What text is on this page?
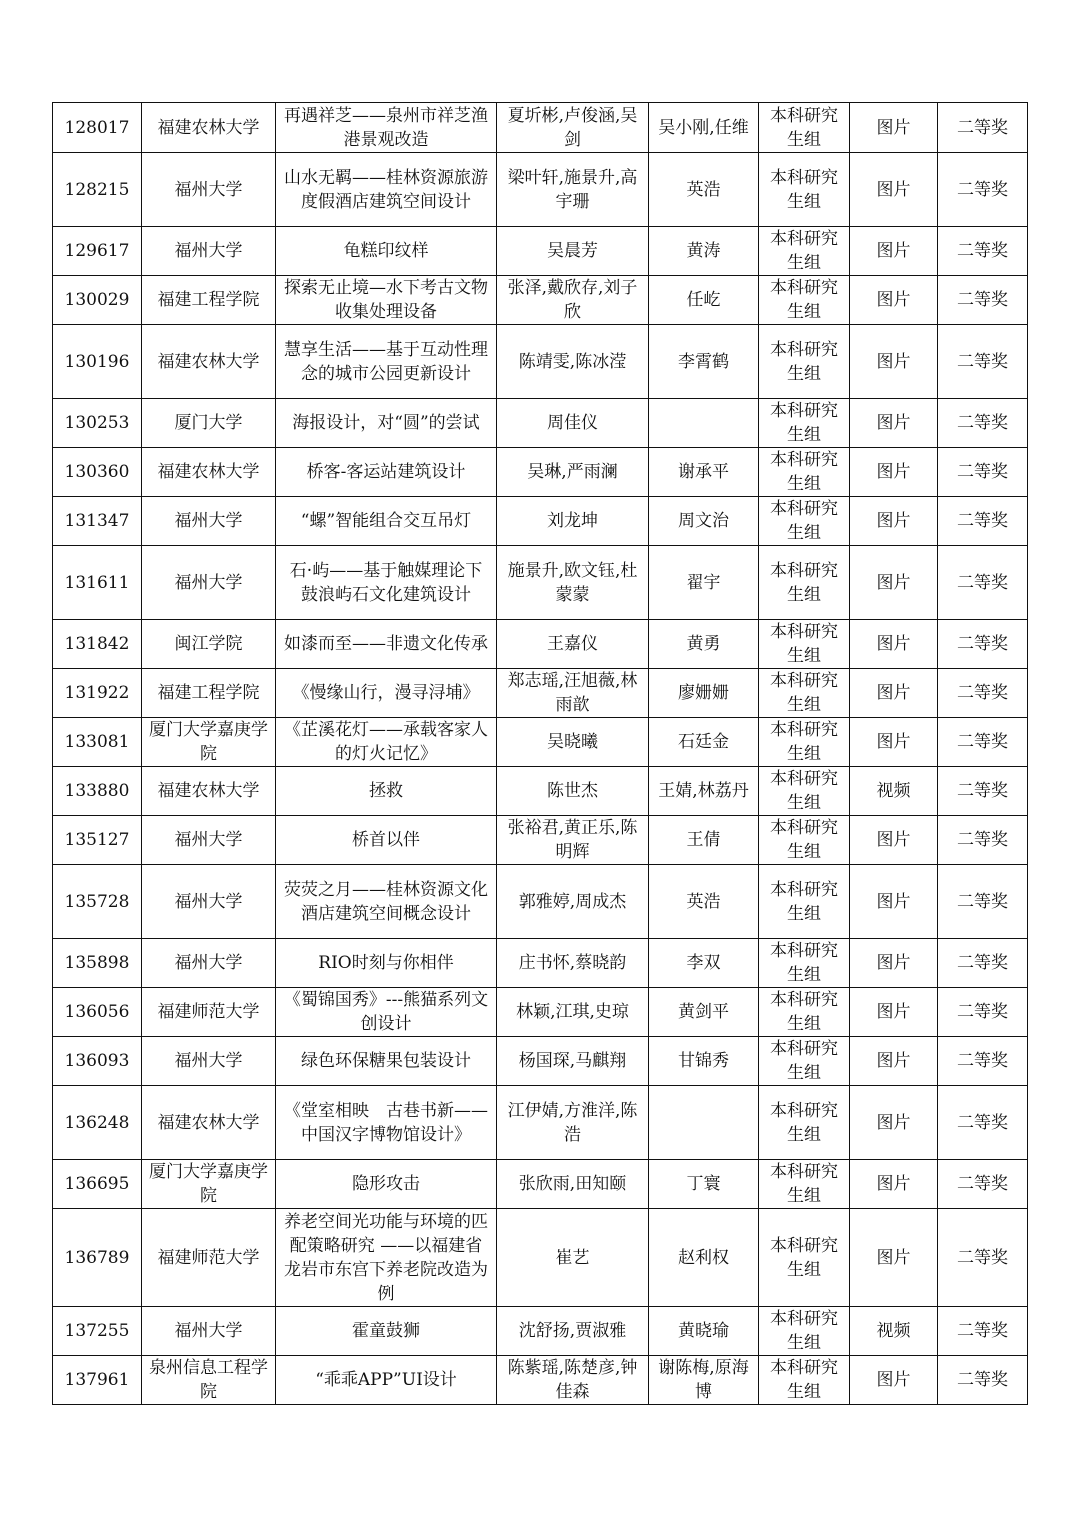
128017	福建农林大学	再遇祥芝——泉州市祥芝渔港景观改造	夏圻彬,卢俊涵,吴剑	吴小刚,任维	本科研究生组	图片	二等奖
128215	福州大学	山水无羁——桂林资源旅游度假酒店建筑空间设计	梁叶轩,施景升,高宇珊	英浩	本科研究生组	图片	二等奖
129617	福州大学	龟糕印纹样	吴晨芳	黄涛	本科研究生组	图片	二等奖
130029	福建工程学院	探索无止境—水下考古文物收集处理设备	张泽,戴欣存,刘子欣	任屹	本科研究生组	图片	二等奖
130196	福建农林大学	慧享生活——基于互动性理念的城市公园更新设计	陈靖雯,陈冰滢	李霄鹤	本科研究生组	图片	二等奖
130253	厦门大学	海报设计，对“圆”的尝试	周佳仪		本科研究生组	图片	二等奖
130360	福建农林大学	桥客-客运站建筑设计	吴琳,严雨澜	谢承平	本科研究生组	图片	二等奖
131347	福州大学	“螺”智能组合交互吊灯	刘龙坤	周文治	本科研究生组	图片	二等奖
131611	福州大学	石·屿——基于触媒理论下鼓浪屿石文化建筑设计	施景升,欧文钰,杜蒙蒙	翟宇	本科研究生组	图片	二等奖
131842	闽江学院	如漆而至——非遗文化传承	王嘉仪	黄勇	本科研究生组	图片	二等奖
131922	福建工程学院	《慢缘山行，漫寻浔埔》	郑志瑶,汪旭薇,林雨歆	廖姗姗	本科研究生组	图片	二等奖
133081	厦门大学嘉庚学院	《芷溪花灯——承载客家人的灯火记忆》	吴晓曦	石廷金	本科研究生组	图片	二等奖
133880	福建农林大学	拯救	陈世杰	王婧,林荔丹	本科研究生组	视频	二等奖
135127	福州大学	桥首以伴	张裕君,黄正乐,陈明辉	王倩	本科研究生组	图片	二等奖
135728	福州大学	荧荧之月——桂林资源文化酒店建筑空间概念设计	郭雅婷,周成杰	英浩	本科研究生组	图片	二等奖
135898	福州大学	RIO时刻与你相伴	庄书怀,蔡晓韵	李双	本科研究生组	图片	二等奖
136056	福建师范大学	《蜀锦国秀》---熊猫系列文创设计	林颖,江琪,史琼	黄剑平	本科研究生组	图片	二等奖
136093	福州大学	绿色环保糖果包装设计	杨国琛,马麒翔	甘锦秀	本科研究生组	图片	二等奖
136248	福建农林大学	《堂室相映　古巷书新——中国汉字博物馆设计》	江伊婧,方淮洋,陈浩		本科研究生组	图片	二等奖
136695	厦门大学嘉庚学院	隐形攻击	张欣雨,田知颐	丁寰	本科研究生组	图片	二等奖
136789	福建师范大学	养老空间光功能与环境的匹配策略研究 ——以福建省龙岩市东宫下养老院改造为例	崔艺	赵利权	本科研究生组	图片	二等奖
137255	福州大学	霍童鼓狮	沈舒扬,贾淑雅	黄晓瑜	本科研究生组	视频	二等奖
137961	泉州信息工程学院	“乖乖APP”UI设计	陈紫瑶,陈楚彦,钟佳森	谢陈梅,原海博	本科研究生组	图片	二等奖
